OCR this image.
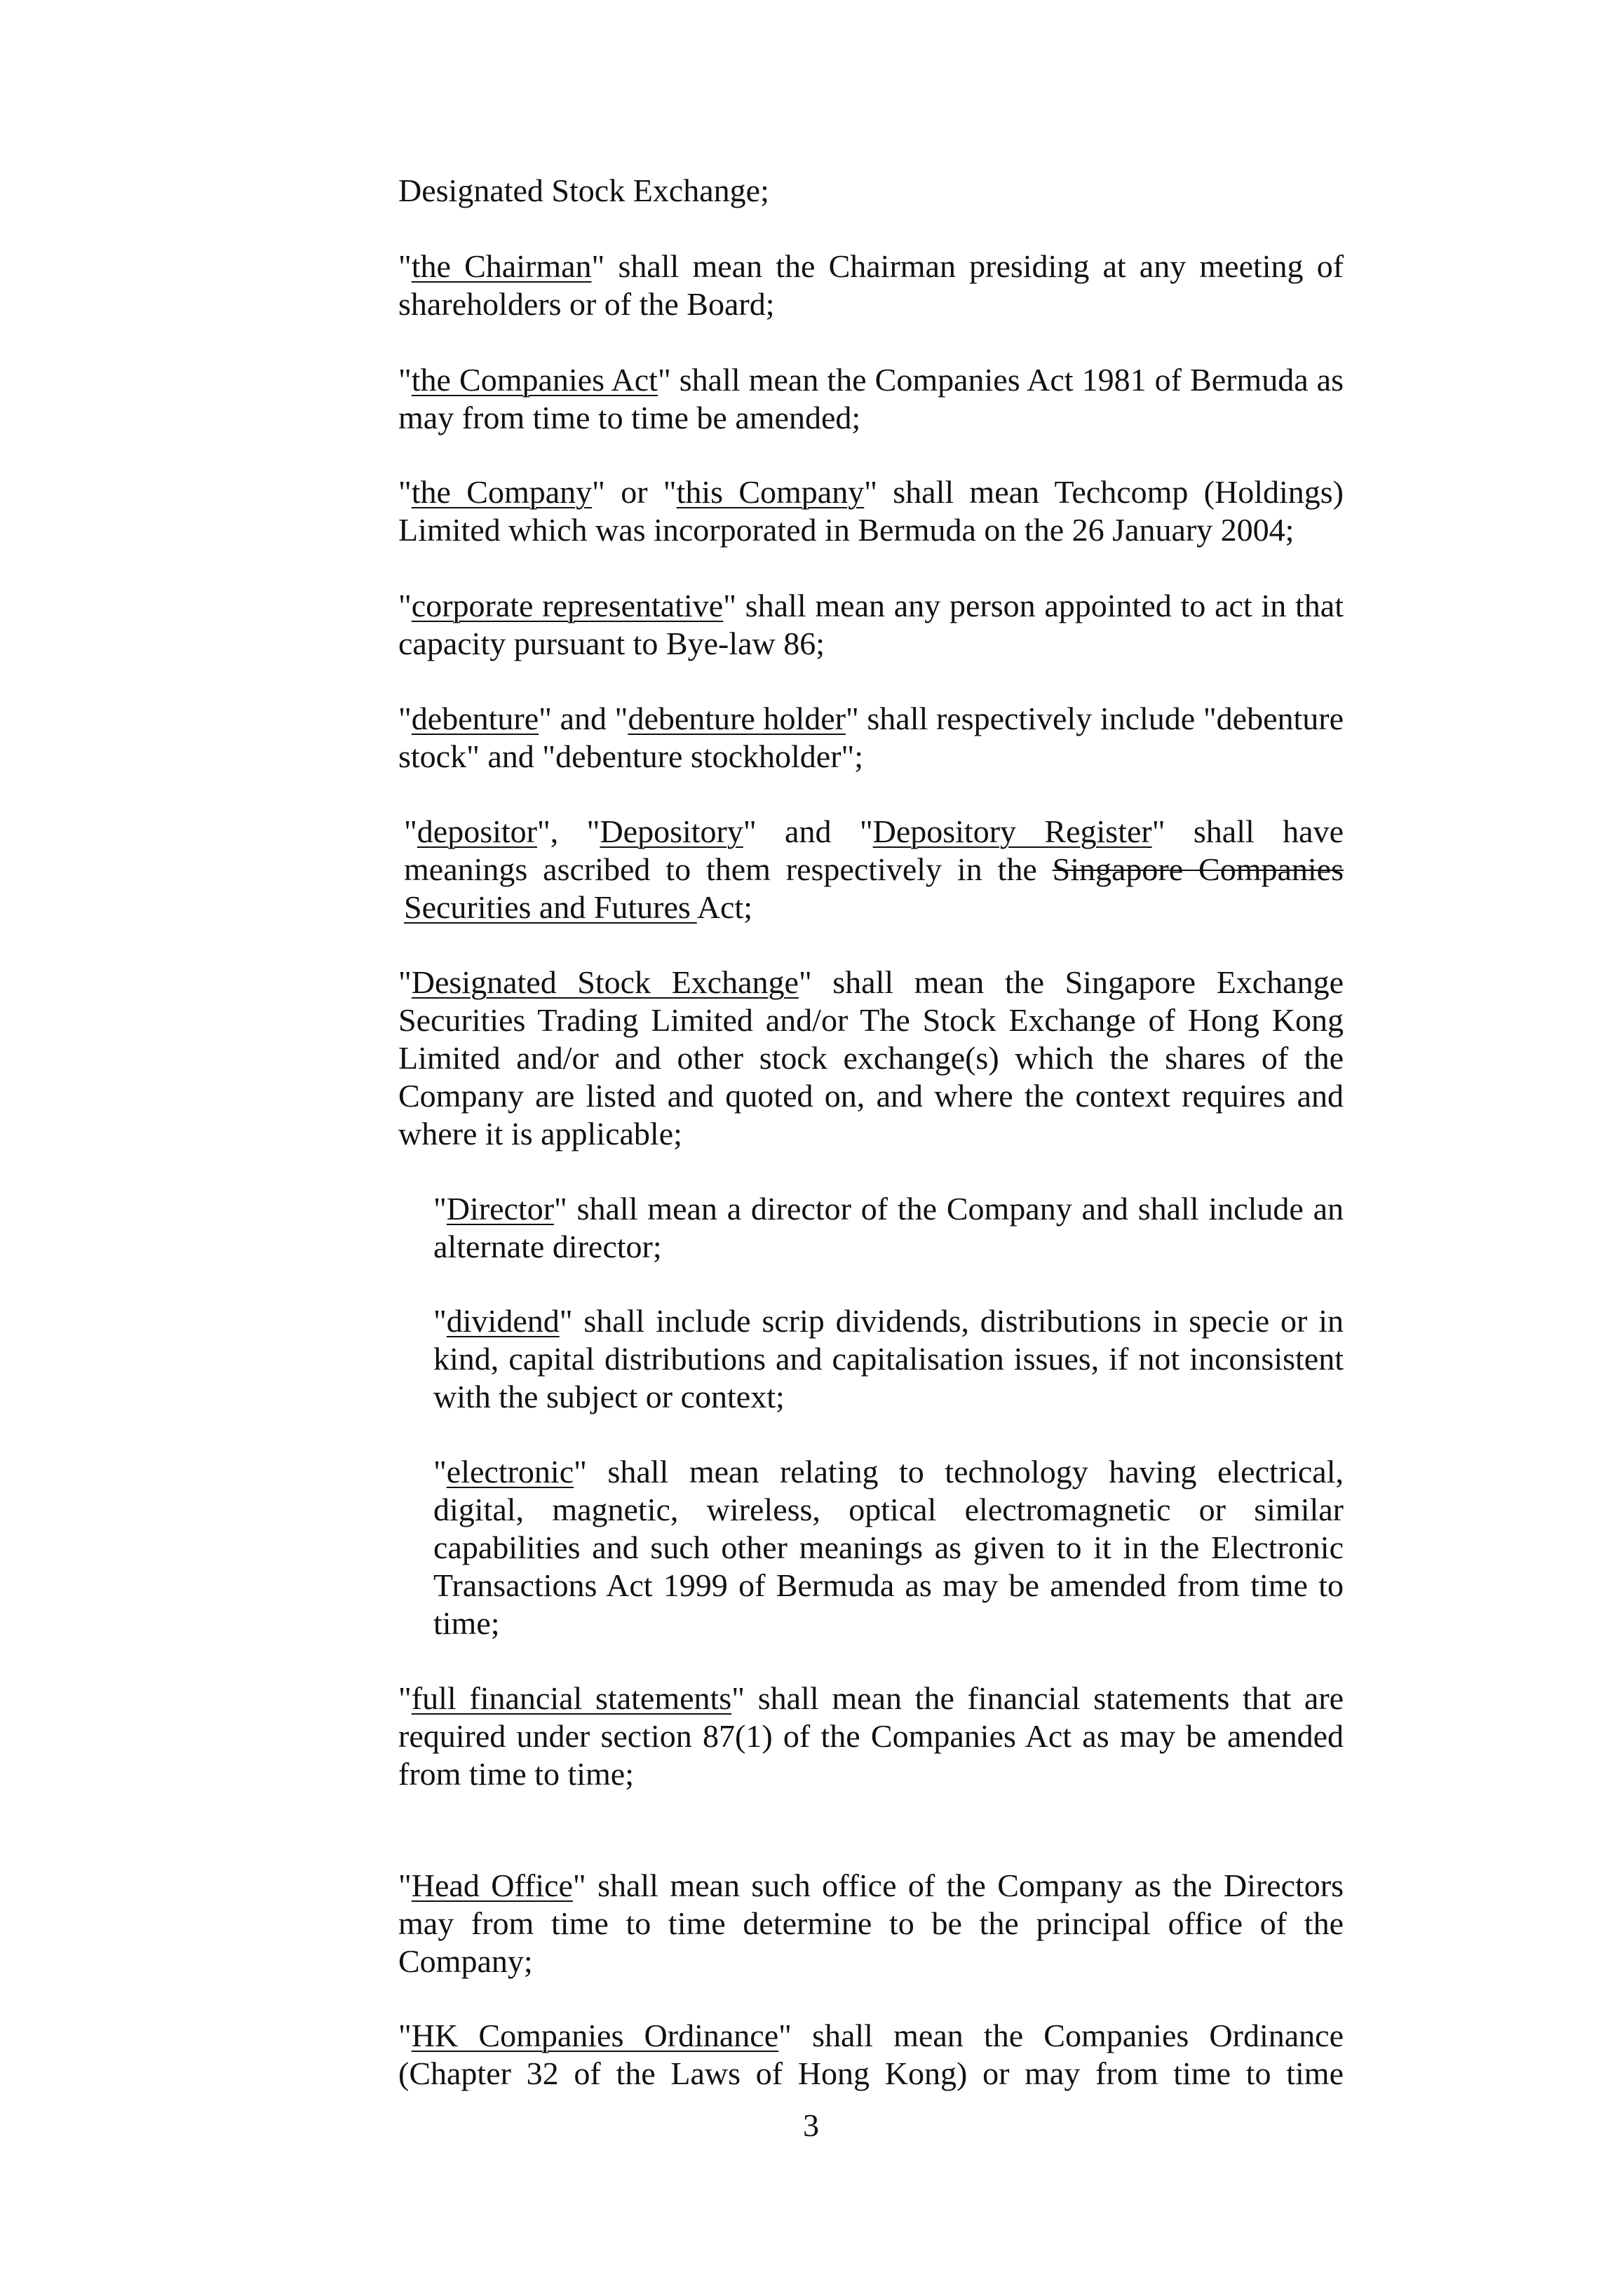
Designated Stock Exchange;

"the Chairman" shall mean the Chairman presiding at any meeting of shareholders or of the Board;

"the Companies Act" shall mean the Companies Act 1981 of Bermuda as may from time to time be amended;

"the Company" or "this Company" shall mean Techcomp (Holdings) Limited which was incorporated in Bermuda on the 26 January 2004;

"corporate representative" shall mean any person appointed to act in that capacity pursuant to Bye-law 86;

"debenture" and "debenture holder" shall respectively include "debenture stock" and "debenture stockholder";

"depositor", "Depository" and "Depository Register" shall have meanings ascribed to them respectively in the Singapore Companies Securities and Futures Act;

"Designated Stock Exchange" shall mean the Singapore Exchange Securities Trading Limited and/or The Stock Exchange of Hong Kong Limited and/or and other stock exchange(s) which the shares of the Company are listed and quoted on, and where the context requires and where it is applicable;

"Director" shall mean a director of the Company and shall include an alternate director;

"dividend" shall include scrip dividends, distributions in specie or in kind, capital distributions and capitalisation issues, if not inconsistent with the subject or context;

"electronic" shall mean relating to technology having electrical, digital, magnetic, wireless, optical electromagnetic or similar capabilities and such other meanings as given to it in the Electronic Transactions Act 1999 of Bermuda as may be amended from time to time;

"full financial statements" shall mean the financial statements that are required under section 87(1) of the Companies Act as may be amended from time to time;

"Head Office" shall mean such office of the Company as the Directors may from time to time determine to be the principal office of the Company;

"HK Companies Ordinance" shall mean the Companies Ordinance (Chapter 32 of the Laws of Hong Kong) or may from time to time

3
